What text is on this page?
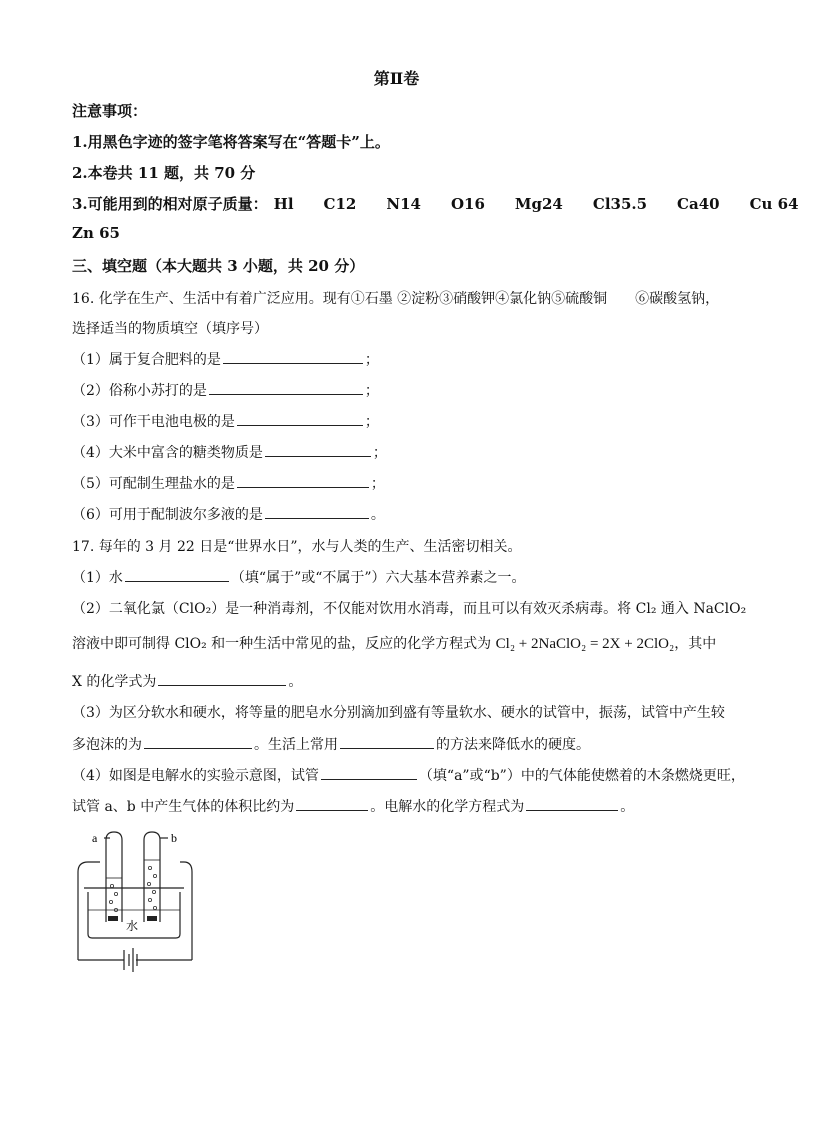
第Ⅱ卷
注意事项：
1.用黑色字迹的签字笔将答案写在“答题卡”上。
2.本卷共 11 题，共 70 分
3.可能用到的相对原子质量： Hl C12 N14 O16 Mg24 Cl35.5 Ca40 Cu 64
Zn 65
三、填空题（本大题共 3 小题，共 20 分）
16. 化学在生产、生活中有着广泛应用。现有①石墨 ②淀粉③硝酸钾④氯化钠⑤硫酸铜　　⑥碳酸氢钠，
选择适当的物质填空（填序号）
（1）属于复合肥料的是	；
（2）俗称小苏打的是	；
（3）可作干电池电极的是	；
（4）大米中富含的糖类物质是	；
（5）可配制生理盐水的是	；
（6）可用于配制波尔多液的是	。
17. 每年的 3 月 22 日是“世界水日”，水与人类的生产、生活密切相关。
（1）水	（填“属于”或“不属于”）六大基本营养素之一。
（2）二氧化氯（ClO₂）是一种消毒剂，不仅能对饮用水消毒，而且可以有效灭杀病毒。将 Cl₂ 通入 NaClO₂
溶液中即可制得 ClO₂ 和一种生活中常见的盐，反应的化学方程式为 Cl₂ + 2NaClO₂ = 2X + 2ClO₂，其中
X 的化学式为	。
（3）为区分软水和硬水，将等量的肥皂水分别滴加到盛有等量软水、硬水的试管中，振荡，试管中产生较
多泡沫的为	。生活上常用	的方法来降低水的硬度。
（4）如图是电解水的实验示意图，试管	（填“a”或“b”）中的气体能使燃着的木条燃烧更旺，
试管 a、b 中产生气体的体积比约为	。电解水的化学方程式为	。
a	b
水
